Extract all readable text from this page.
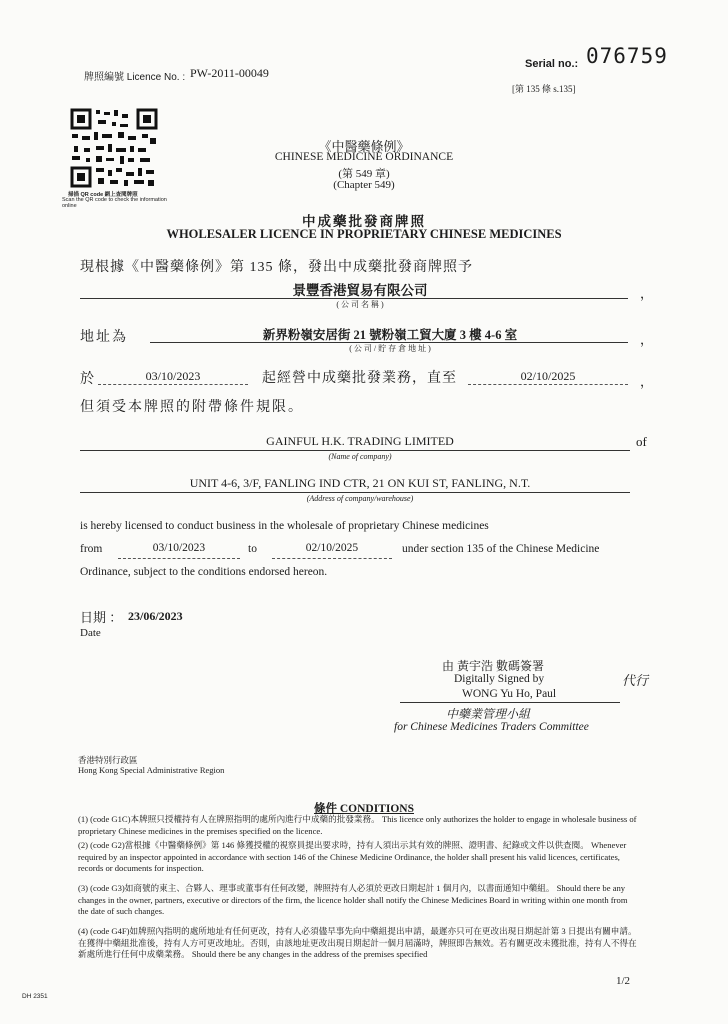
牌照編號 Licence No. : PW-2011-00049
Serial no.: 076759
[第 135 條 s.135]
掃描 QR code 網上查閱牌照
Scan the QR code to check the information online
《中醫藥條例》
CHINESE MEDICINE ORDINANCE
(第 549 章)
(Chapter 549)
中成藥批發商牌照
WHOLESALER LICENCE IN PROPRIETARY CHINESE MEDICINES
現根據《中醫藥條例》第 135 條，發出中成藥批發商牌照予
景豐香港貿易有限公司	，
( 公 司 名 稱 )
地址為	新界粉嶺安居街 21 號粉嶺工貿大廈 3 樓 4-6 室	，
( 公 司 / 貯 存 倉 地 址 )
於	03/10/2023	起經營中成藥批發業務，直至	02/10/2025	，
但須受本牌照的附帶條件規限。
GAINFUL H.K. TRADING LIMITED	of
(Name of company)
UNIT 4-6, 3/F, FANLING IND CTR, 21 ON KUI ST, FANLING, N.T.
(Address of company/warehouse)
is hereby licensed to conduct business in the wholesale of proprietary Chinese medicines
from	03/10/2023	to	02/10/2025	under section 135 of the Chinese Medicine
Ordinance, subject to the conditions endorsed hereon.
日期 ： 23/06/2023
Date
由 黃宇浩 數碼簽署
Digitally Signed by
WONG Yu Ho, Paul
代行
中藥業管理小組
for Chinese Medicines Traders Committee
香港特別行政區
Hong Kong Special Administrative Region
條件 CONDITIONS
(1) (code G1C)本牌照只授權持有人在牌照指明的處所內進行中成藥的批發業務。 This licence only authorizes the holder to engage in wholesale business of proprietary Chinese medicines in the premises specified on the licence.
(2) (code G2)當根據《中醫藥條例》第 146 條獲授權的視察員提出要求時，持有人須出示其有效的牌照、證明書、紀錄或文件以供查閱。 Whenever required by an inspector appointed in accordance with section 146 of the Chinese Medicine Ordinance, the holder shall present his valid licences, certificates, records or documents for inspection.
(3) (code G3)如商號的東主、合夥人、理事或董事有任何改變，牌照持有人必須於更改日期起計 1 個月內，以書面通知中藥組。 Should there be any changes in the owner, partners, executive or directors of the firm, the licence holder shall notify the Chinese Medicines Board in writing within one month from the date of such changes.
(4) (code G4F)如牌照內指明的處所地址有任何更改，持有人必須儘早事先向中藥組提出申請，最遲亦只可在更改出現日期起計第 3 日提出有關申請。在獲得中藥組批准後，持有人方可更改地址。否則，由該地址更改出現日期起計一個月屆滿時，牌照即告無效。若有關更改未獲批准，持有人不得在新處所進行任何中成藥業務。 Should there be any changes in the address of the premises specified
DH 2351
1/2
